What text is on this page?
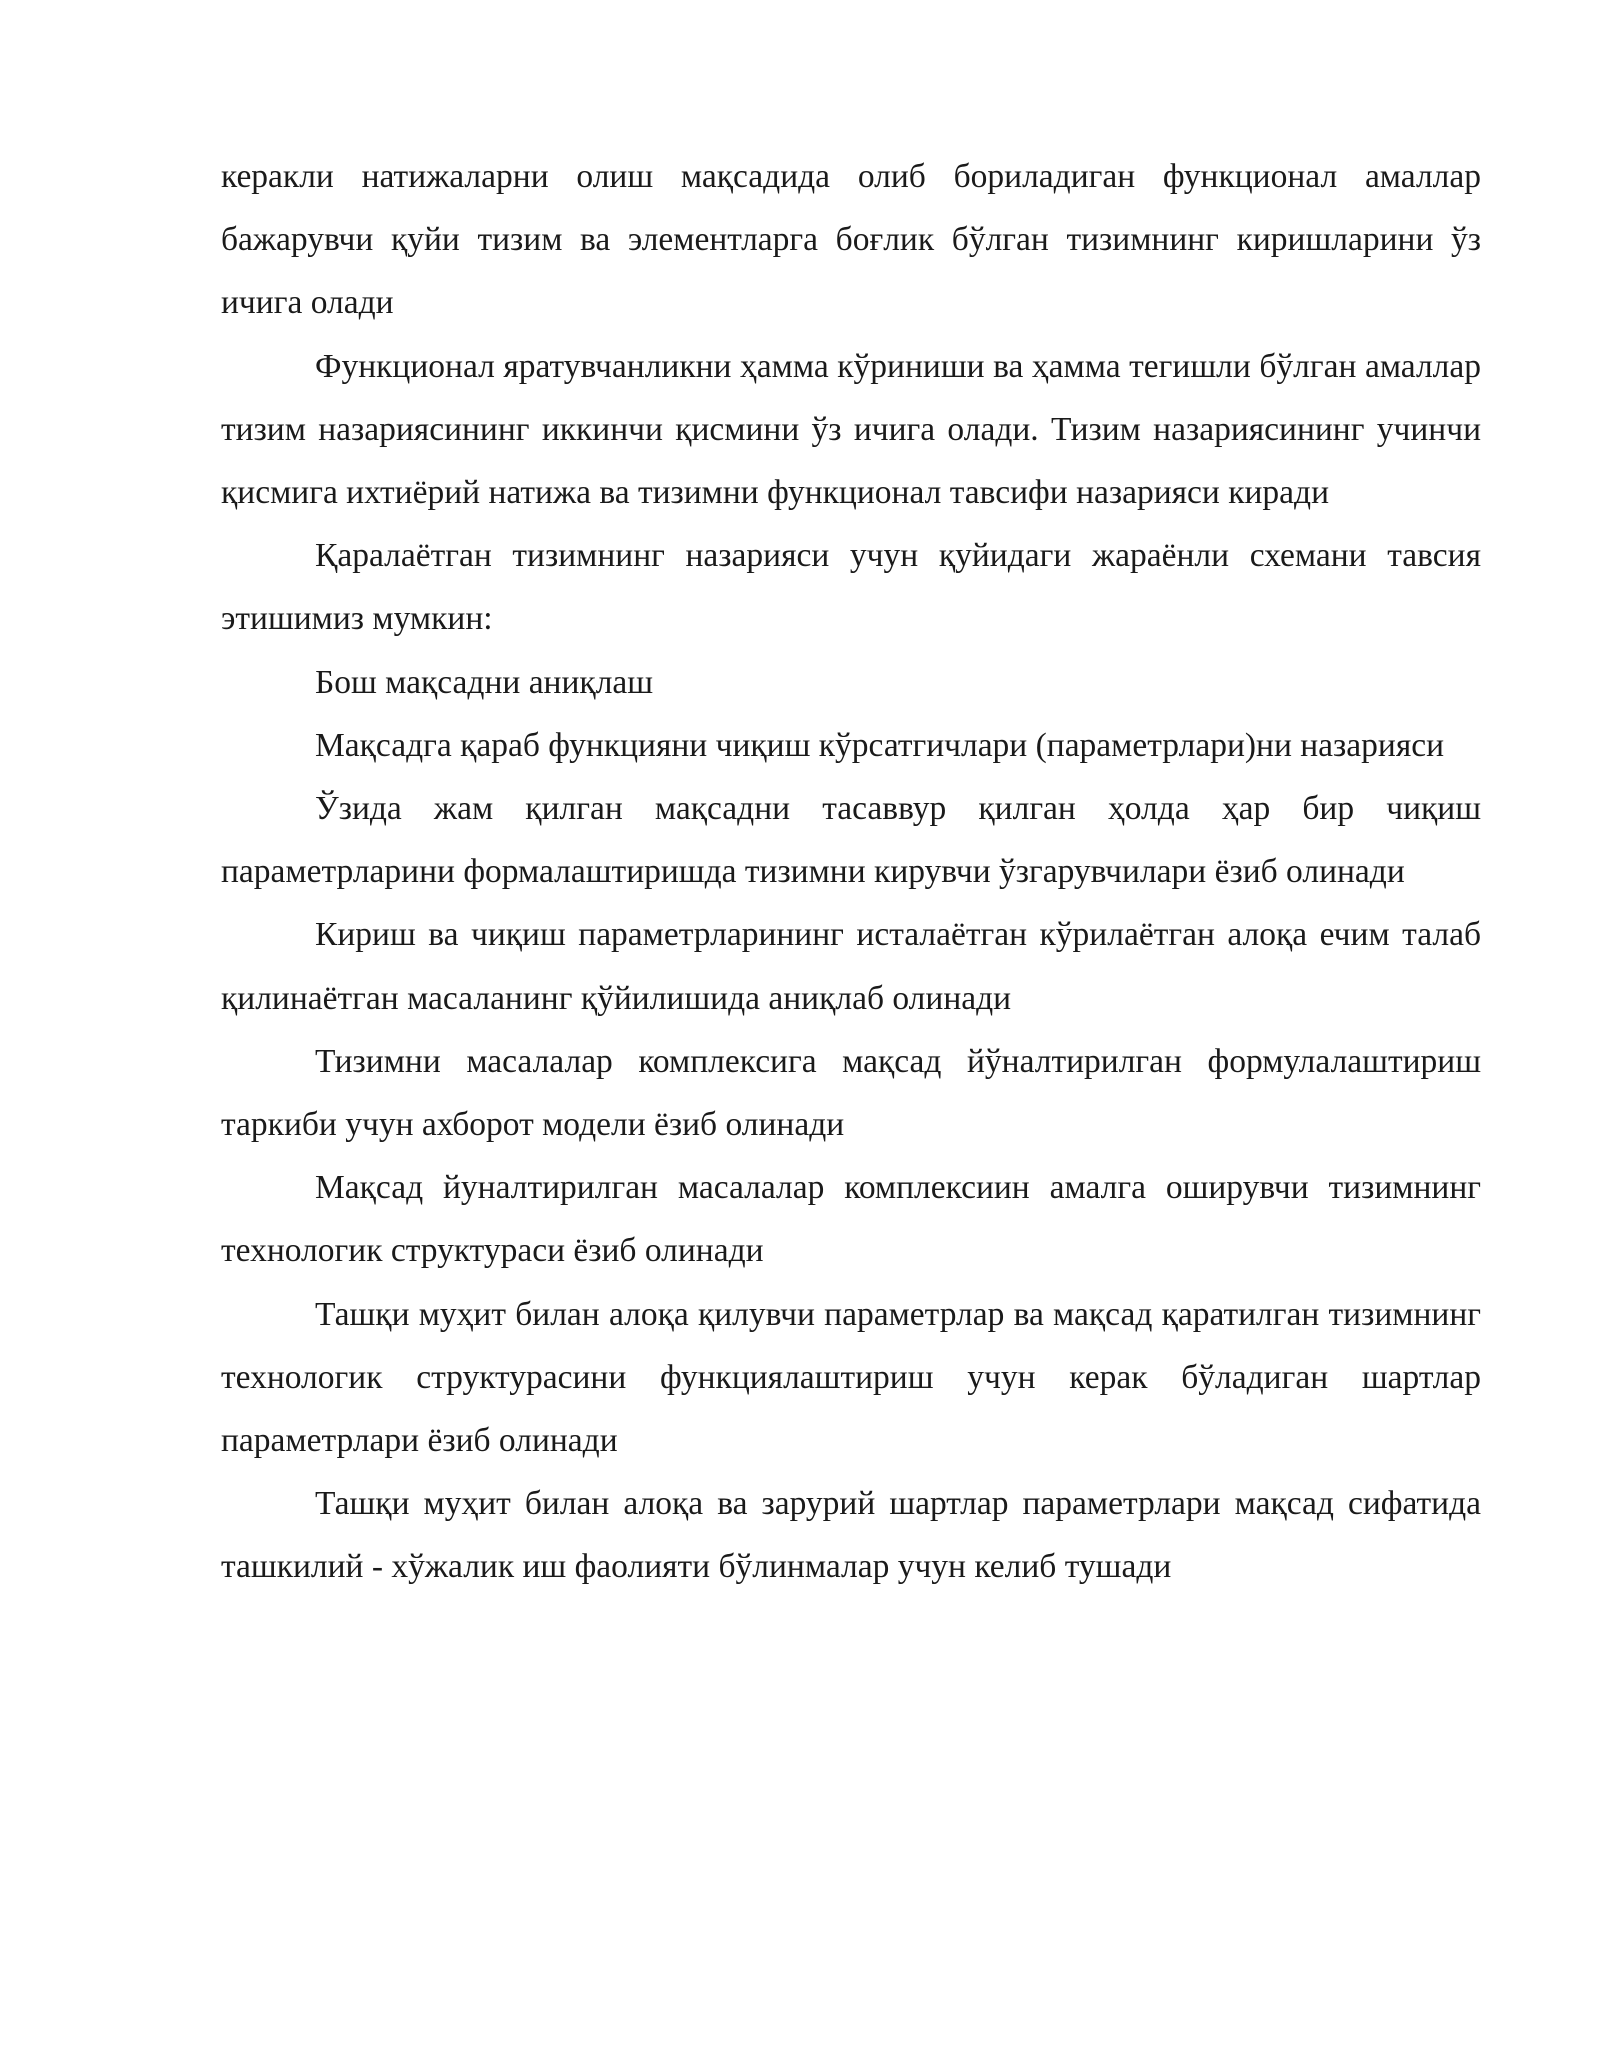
керакли натижаларни олиш мақсадида олиб бориладиган функционал амаллар бажарувчи қуйи тизим ва элементларга боғлик бўлган тизимнинг киришларини ўз ичига олади

Функционал яратувчанликни ҳамма кўриниши ва ҳамма тегишли бўлган амаллар тизим назариясининг иккинчи қисмини ўз ичига олади. Тизим назариясининг учинчи қисмига ихтиёрий натижа ва тизимни функционал тавсифи назарияси киради

Қаралаётган тизимнинг назарияси учун қуйидаги жараёнли схемани тавсия этишимиз мумкин:

Бош мақсадни аниқлаш

Мақсадга қараб функцияни чиқиш кўрсатгичлари (параметрлари)ни назарияси

Ўзида жам қилган мақсадни тасаввур қилган ҳолда ҳар бир чиқиш параметрларини формалаштиришда тизимни кирувчи ўзгарувчилари ёзиб олинади

Кириш ва чиқиш параметрларининг исталаётган кўрилаётган алоқа ечим талаб қилинаётган масаланинг қўйилишида аниқлаб олинади

Тизимни масалалар комплексига мақсад йўналтирилган формулалаштириш таркиби учун ахборот модели ёзиб олинади

Мақсад йуналтирилган масалалар комплексиин амалга оширувчи тизимнинг технологик структураси ёзиб олинади

Ташқи муҳит билан алоқа қилувчи параметрлар ва мақсад қаратилган тизимнинг технологик структурасини функциялаштириш учун керак бўладиган шартлар параметрлари ёзиб олинади

Ташқи муҳит билан алоқа ва зарурий шартлар параметрлари мақсад сифатида ташкилий - хўжалик иш фаолияти бўлинмалар учун келиб тушади
